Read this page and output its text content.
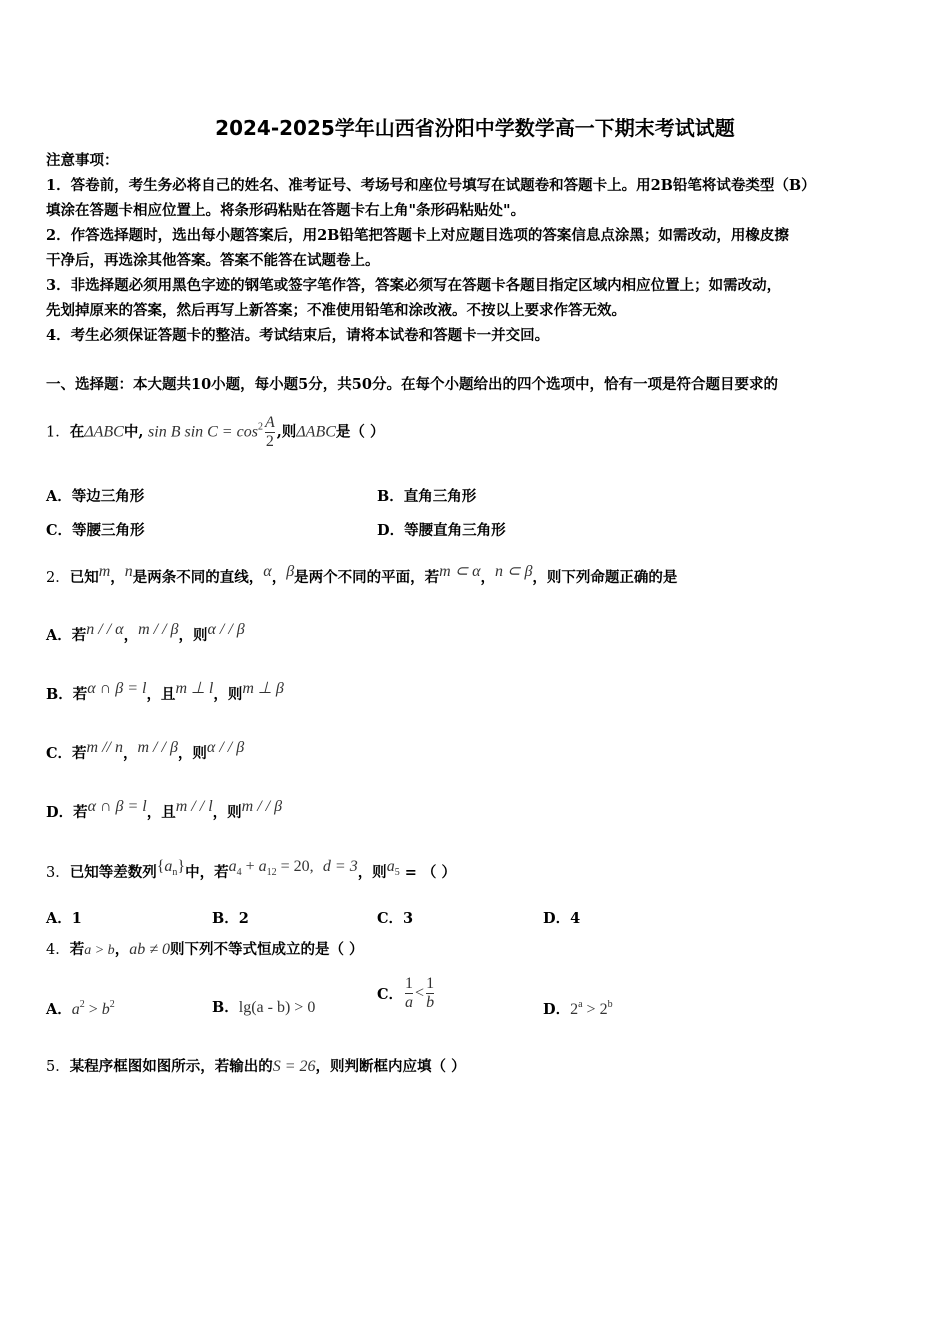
2024-2025学年山西省汾阳中学数学高一下期末考试试题
注意事项：
1．答卷前，考生务必将自己的姓名、准考证号、考场号和座位号填写在试题卷和答题卡上。用2B铅笔将试卷类型（B）
填涂在答题卡相应位置上。将条形码粘贴在答题卡右上角"条形码粘贴处"。
2．作答选择题时，选出每小题答案后，用2B铅笔把答题卡上对应题目选项的答案信息点涂黑；如需改动，用橡皮擦
干净后，再选涂其他答案。答案不能答在试题卷上。
3．非选择题必须用黑色字迹的钢笔或签字笔作答，答案必须写在答题卡各题目指定区域内相应位置上；如需改动，
先划掉原来的答案，然后再写上新答案；不准使用铅笔和涂改液。不按以上要求作答无效。
4．考生必须保证答题卡的整洁。考试结束后，请将本试卷和答题卡一并交回。
一、选择题：本大题共10小题，每小题5分，共50分。在每个小题给出的四个选项中，恰有一项是符合题目要求的
1．在ΔABC中, sin B $\sin C = \cos^2 \frac{A}{2}$ ,则ΔABC是（ ）
A．等边三角形	B．直角三角形
C．等腰三角形	D．等腰直角三角形
2．已知m，n是两条不同的直线，α，β是两个不同的平面，若m ⊂ α，n ⊂ β，则下列命题正确的是
A．若n / / α，m / / β，则α / / β
B．若α ∩ β = l，且m ⊥ l，则m ⊥ β
C．若m // n，m / / β，则α / / β
D．若α ∩ β = l，且m / / l，则m / / β
3．已知等差数列$\{a^n\}$中，若$a^4 + a^{12} = 20$, d = 3，则$a^5$ = （ ）
A．1	B．2	C．3	D．4
4．若a > b，ab ≠ 0则下列不等式恒成立的是（ ）
A．$a^2 > b^2$	B．lg(a - b) > 0
C． $\frac{1}{a} < \frac{1}{b}$	D．$2^a > 2^b$
5．某程序框图如图所示，若输出的S = 26，则判断框内应填（ ）
